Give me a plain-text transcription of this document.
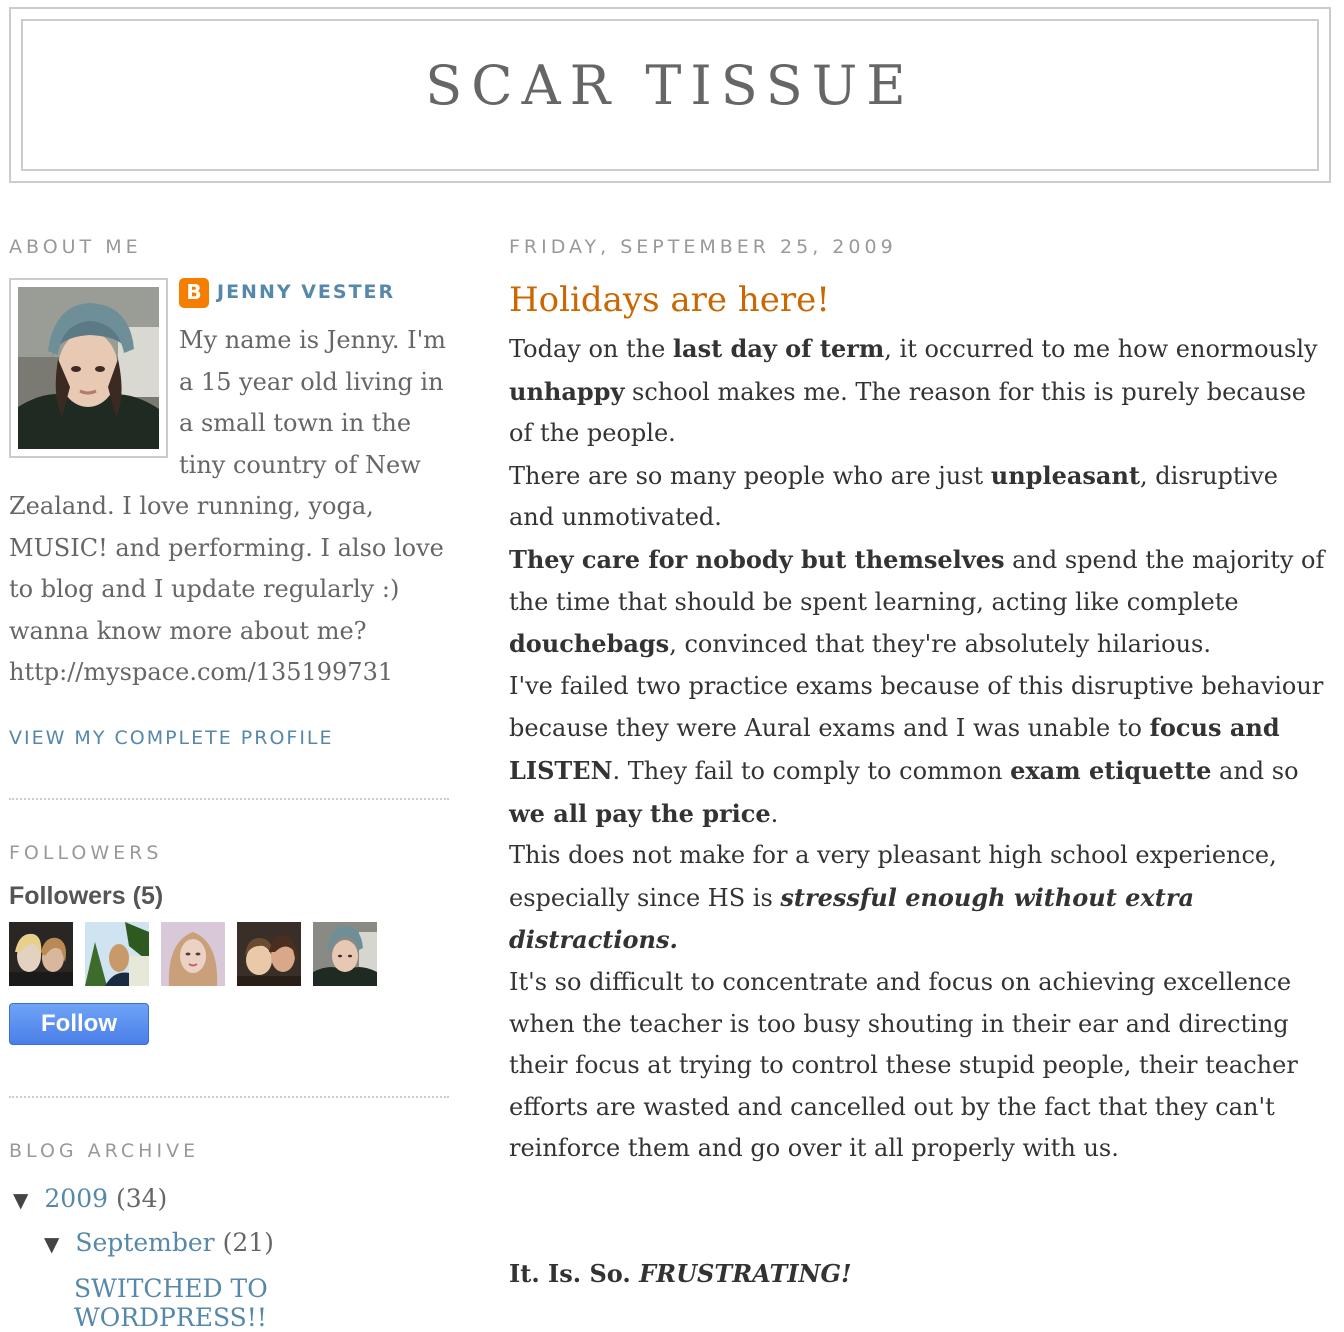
SCAR TISSUE
ABOUT ME
B JENNY VESTER

My name is Jenny. I'm a 15 year old living in a small town in the tiny country of New Zealand. I love running, yoga, MUSIC! and performing. I also love to blog and I update regularly :) wanna know more about me? http://myspace.com/135199731

VIEW MY COMPLETE PROFILE
FOLLOWERS
Followers (5)
Follow
BLOG ARCHIVE
▼ 2009 (34)
▼ September (21)
SWITCHED TO WORDPRESS!!
FRIDAY, SEPTEMBER 25, 2009
Holidays are here!

Today on the last day of term, it occurred to me how enormously unhappy school makes me. The reason for this is purely because of the people.

There are so many people who are just unpleasant, disruptive and unmotivated.

They care for nobody but themselves and spend the majority of the time that should be spent learning, acting like complete douchebags, convinced that they're absolutely hilarious.

I've failed two practice exams because of this disruptive behaviour because they were Aural exams and I was unable to focus and LISTEN. They fail to comply to common exam etiquette and so we all pay the price.

This does not make for a very pleasant high school experience, especially since HS is stressful enough without extra distractions.

It's so difficult to concentrate and focus on achieving excellence when the teacher is too busy shouting in their ear and directing their focus at trying to control these stupid people, their teacher efforts are wasted and cancelled out by the fact that they can't reinforce them and go over it all properly with us.

It. Is. So. FRUSTRATING!
